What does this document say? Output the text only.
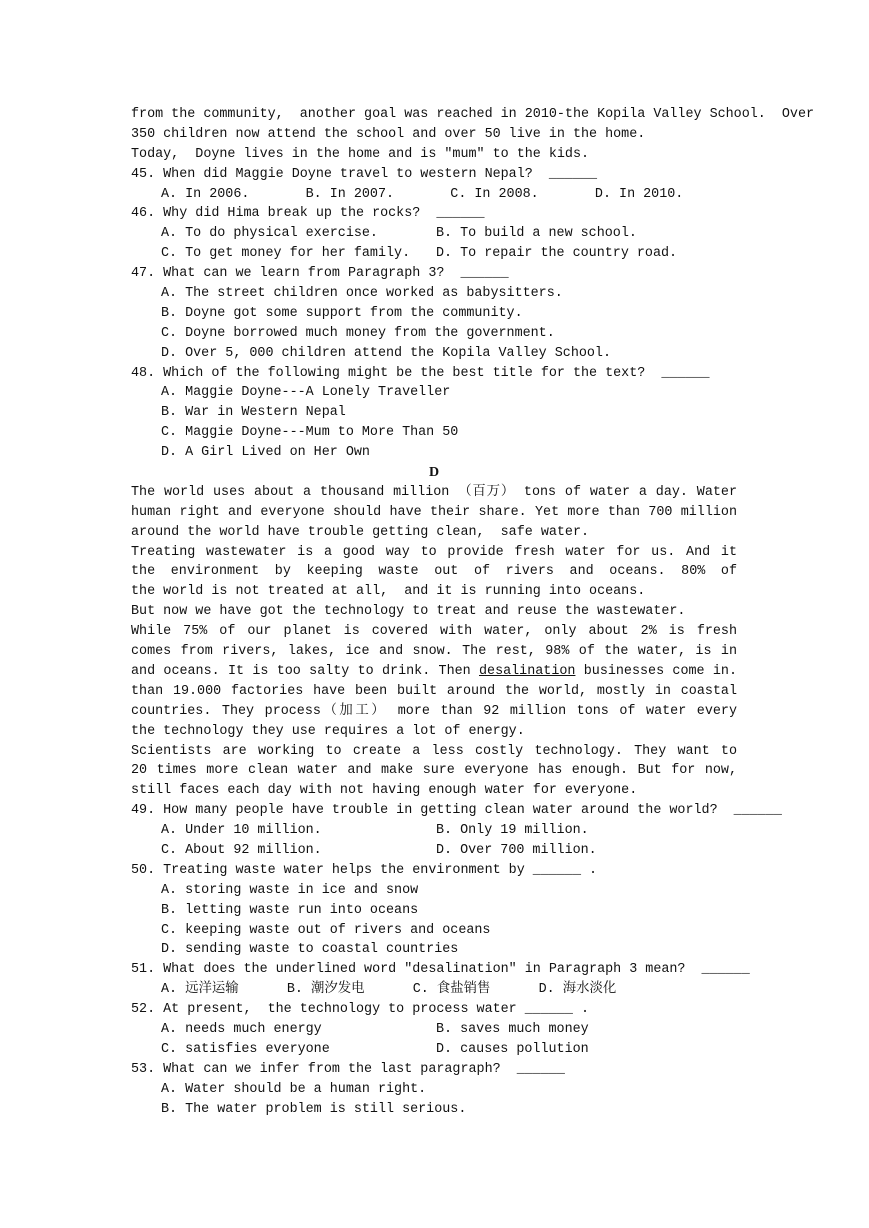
from the community,  another goal was reached in 2010-the Kopila Valley School.  Over
350 children now attend the school and over 50 live in the home.
Today,  Doyne lives in the home and is "mum" to the kids.
45. When did Maggie Doyne travel to western Nepal?  ______
A. In 2006.       B. In 2007.       C. In 2008.       D. In 2010.
46. Why did Hima break up the rocks?  ______
A. To do physical exercise.	B. To build a new school.
C. To get money for her family.	D. To repair the country road.
47. What can we learn from Paragraph 3?  ______
A. The street children once worked as babysitters.
B. Doyne got some support from the community.
C. Doyne borrowed much money from the government.
D. Over 5, 000 children attend the Kopila Valley School.
48. Which of the following might be the best title for the text?  ______
A. Maggie Doyne---A Lonely Traveller
B. War in Western Nepal
C. Maggie Doyne---Mum to More Than 50
D. A Girl Lived on Her Own
D
The world uses about a thousand million （百万） tons of water a day. Water
human right and everyone should have their share. Yet more than 700 million
around the world have trouble getting clean,  safe water.
Treating wastewater is a good way to provide fresh water for us. And it
the environment by keeping waste out of rivers and oceans. 80% of
the world is not treated at all,  and it is running into oceans.
But now we have got the technology to treat and reuse the wastewater.
While 75% of our planet is covered with water, only about 2% is fresh
comes from rivers, lakes, ice and snow. The rest, 98% of the water, is in
and oceans. It is too salty to drink. Then desalination businesses come in.
than 19.000 factories have been built around the world, mostly in coastal
countries. They process（加工） more than 92 million tons of water every
the technology they use requires a lot of energy.
Scientists are working to create a less costly technology. They want to
20 times more clean water and make sure everyone has enough. But for now,
still faces each day with not having enough water for everyone.
49. How many people have trouble in getting clean water around the world?  ______
A. Under 10 million.	B. Only 19 million.
C. About 92 million.	D. Over 700 million.
50. Treating waste water helps the environment by ______ .
A. storing waste in ice and snow
B. letting waste run into oceans
C. keeping waste out of rivers and oceans
D. sending waste to coastal countries
51. What does the underlined word "desalination" in Paragraph 3 mean?  ______
A. 远洋运输      B. 潮汐发电      C. 食盐销售      D. 海水淡化
52. At present,  the technology to process water ______ .
A. needs much energy	B. saves much money
C. satisfies everyone	D. causes pollution
53. What can we infer from the last paragraph?  ______
A. Water should be a human right.
B. The water problem is still serious.
